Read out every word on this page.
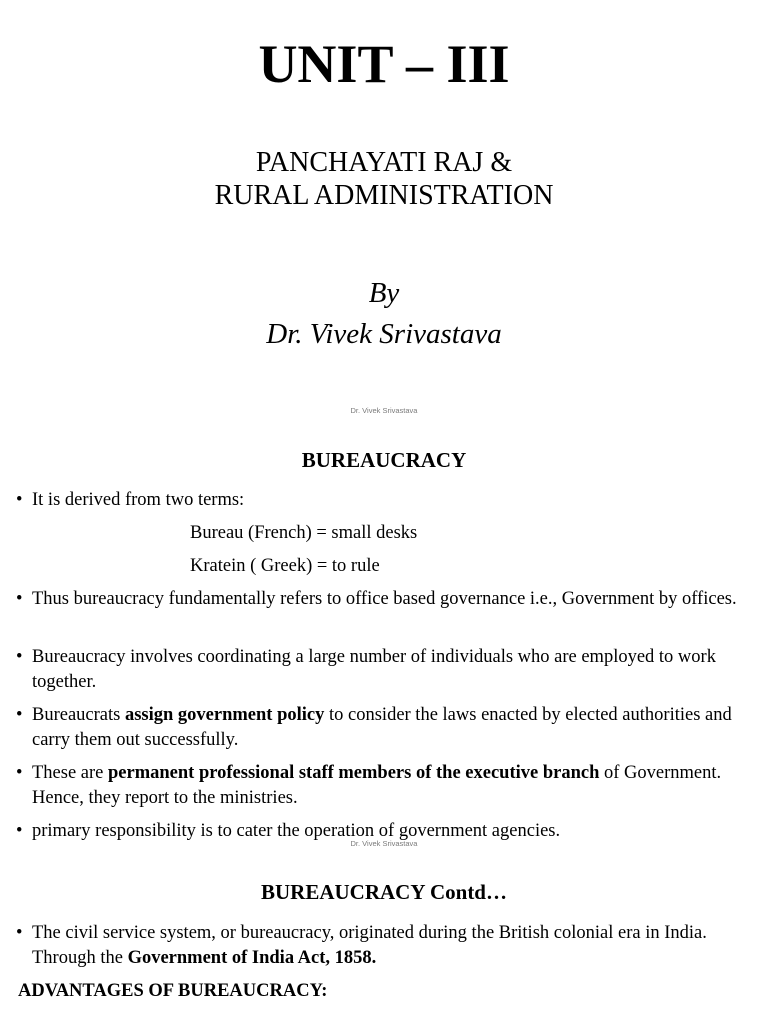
UNIT – III
PANCHAYATI RAJ &
RURAL ADMINISTRATION
By
Dr. Vivek Srivastava
Dr. Vivek Srivastava
BUREAUCRACY
• It is derived from two terms:
Bureau (French) = small desks
Kratein ( Greek) = to rule
• Thus bureaucracy fundamentally refers to office based governance i.e., Government by offices.
• Bureaucracy involves coordinating a large number of individuals who are employed to work together.
• Bureaucrats assign government policy to consider the laws enacted by elected authorities and carry them out successfully.
• These are permanent professional staff members of the executive branch of Government. Hence, they report to the ministries.
• primary responsibility is to cater the operation of government agencies.
Dr. Vivek Srivastava
BUREAUCRACY Contd…
• The civil service system, or bureaucracy, originated during the British colonial era in India. Through the Government of India Act, 1858.
ADVANTAGES OF BUREAUCRACY:
